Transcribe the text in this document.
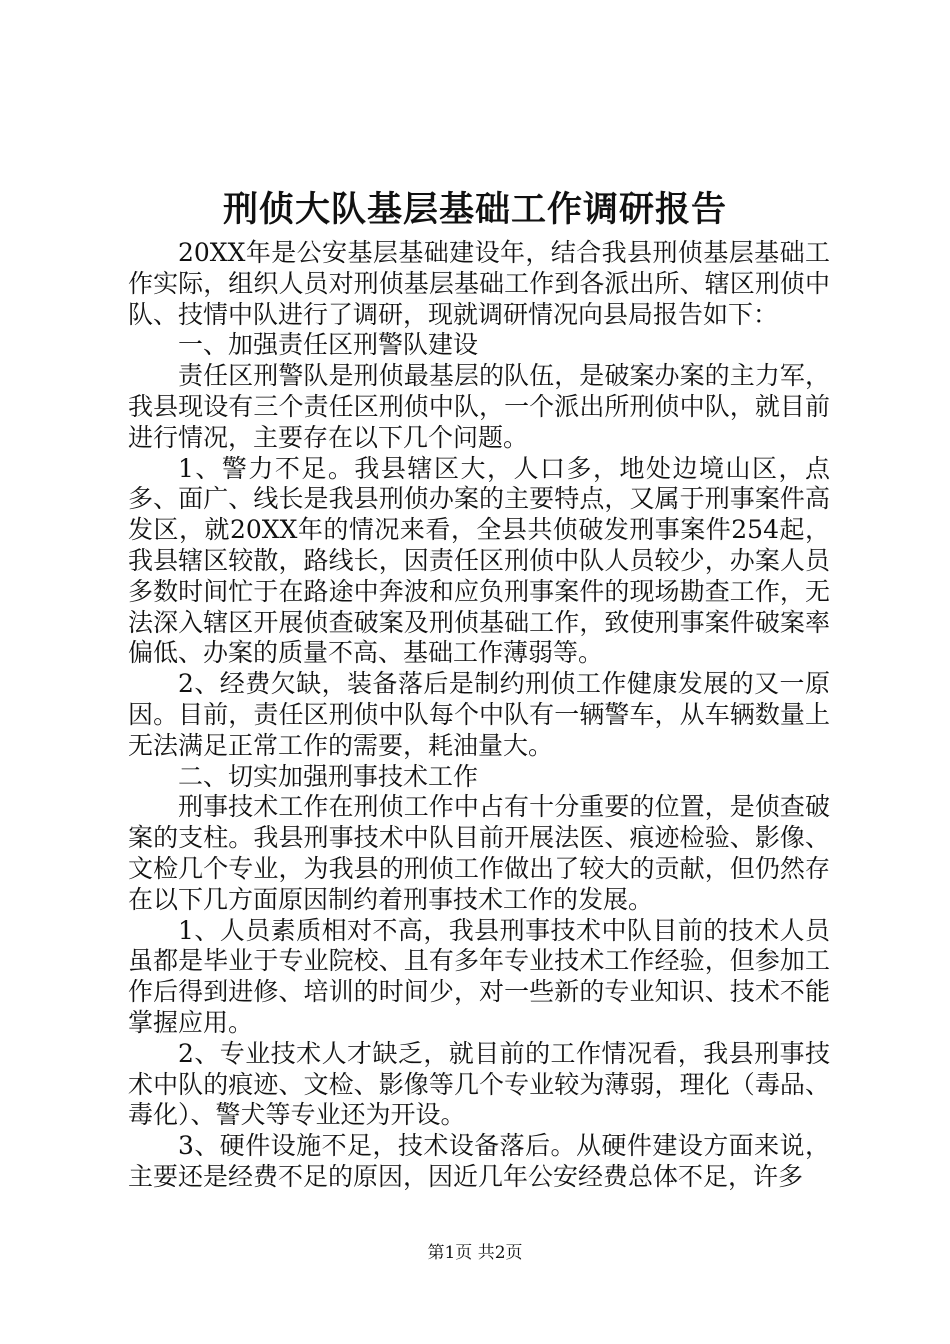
刑侦大队基层基础工作调研报告

20XX年是公安基层基础建设年，结合我县刑侦基层基础工作实际，组织人员对刑侦基层基础工作到各派出所、辖区刑侦中队、技情中队进行了调研，现就调研情况向县局报告如下：

一、加强责任区刑警队建设

责任区刑警队是刑侦最基层的队伍，是破案办案的主力军，我县现设有三个责任区刑侦中队，一个派出所刑侦中队，就目前进行情况，主要存在以下几个问题。

1、警力不足。我县辖区大，人口多，地处边境山区，点多、面广、线长是我县刑侦办案的主要特点，又属于刑事案件高发区，就20XX年的情况来看，全县共侦破发刑事案件254起，我县辖区较散，路线长，因责任区刑侦中队人员较少，办案人员多数时间忙于在路途中奔波和应负刑事案件的现场勘查工作，无法深入辖区开展侦查破案及刑侦基础工作，致使刑事案件破案率偏低、办案的质量不高、基础工作薄弱等。

2、经费欠缺，装备落后是制约刑侦工作健康发展的又一原因。目前，责任区刑侦中队每个中队有一辆警车，从车辆数量上无法满足正常工作的需要，耗油量大。

二、切实加强刑事技术工作

刑事技术工作在刑侦工作中占有十分重要的位置，是侦查破案的支柱。我县刑事技术中队目前开展法医、痕迹检验、影像、文检几个专业，为我县的刑侦工作做出了较大的贡献，但仍然存在以下几方面原因制约着刑事技术工作的发展。

1、人员素质相对不高，我县刑事技术中队目前的技术人员虽都是毕业于专业院校、且有多年专业技术工作经验，但参加工作后得到进修、培训的时间少，对一些新的专业知识、技术不能掌握应用。

2、专业技术人才缺乏，就目前的工作情况看，我县刑事技术中队的痕迹、文检、影像等几个专业较为薄弱，理化（毒品、毒化）、警犬等专业还为开设。

3、硬件设施不足，技术设备落后。从硬件建设方面来说，主要还是经费不足的原因，因近几年公安经费总体不足，许多

第1页 共2页
